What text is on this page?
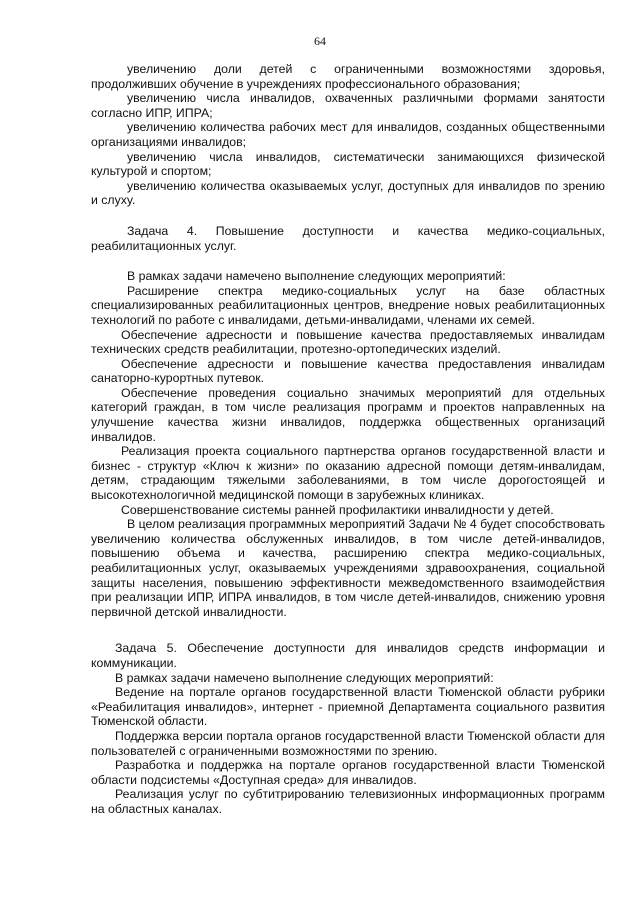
64

увеличению доли детей с ограниченными возможностями здоровья, продолживших обучение в учреждениях профессионального образования;

увеличению числа инвалидов, охваченных различными формами занятости согласно ИПР, ИПРА;

увеличению количества рабочих мест для инвалидов, созданных общественными организациями инвалидов;

увеличению числа инвалидов, систематически занимающихся физической культурой и спортом;

увеличению количества оказываемых услуг, доступных для инвалидов по зрению и слуху.

Задача 4. Повышение доступности и качества медико-социальных, реабилитационных услуг.

В рамках задачи намечено выполнение следующих мероприятий:

Расширение спектра медико-социальных услуг на базе областных специализированных реабилитационных центров, внедрение новых реабилитационных технологий по работе с инвалидами, детьми-инвалидами, членами их семей.

Обеспечение адресности и повышение качества предоставляемых инвалидам технических средств реабилитации, протезно-ортопедических изделий.

Обеспечение адресности и повышение качества предоставления инвалидам санаторно-курортных путевок.

Обеспечение проведения социально значимых мероприятий для отдельных категорий граждан, в том числе реализация программ и проектов направленных на улучшение качества жизни инвалидов, поддержка общественных организаций инвалидов.

Реализация проекта социального партнерства органов государственной власти и бизнес - структур «Ключ к жизни» по оказанию адресной помощи детям-инвалидам, детям, страдающим тяжелыми заболеваниями, в том числе дорогостоящей и высокотехнологичной медицинской помощи в зарубежных клиниках.

Совершенствование системы ранней профилактики инвалидности у детей.

В целом реализация программных мероприятий Задачи № 4 будет способствовать увеличению количества обслуженных инвалидов, в том числе детей-инвалидов, повышению объема и качества, расширению спектра медико-социальных, реабилитационных услуг, оказываемых учреждениями здравоохранения, социальной защиты населения, повышению эффективности межведомственного взаимодействия при реализации ИПР, ИПРА инвалидов, в том числе детей-инвалидов, снижению уровня первичной детской инвалидности.

Задача 5. Обеспечение доступности для инвалидов средств информации и коммуникации.

В рамках задачи намечено выполнение следующих мероприятий:

Ведение на портале органов государственной власти Тюменской области рубрики «Реабилитация инвалидов», интернет - приемной Департамента социального развития Тюменской области.

Поддержка версии портала органов государственной власти Тюменской области для пользователей с ограниченными возможностями по зрению.

Разработка и поддержка на портале органов государственной власти Тюменской области подсистемы «Доступная среда» для инвалидов.

Реализация услуг по субтитрированию телевизионных информационных программ на областных каналах.
